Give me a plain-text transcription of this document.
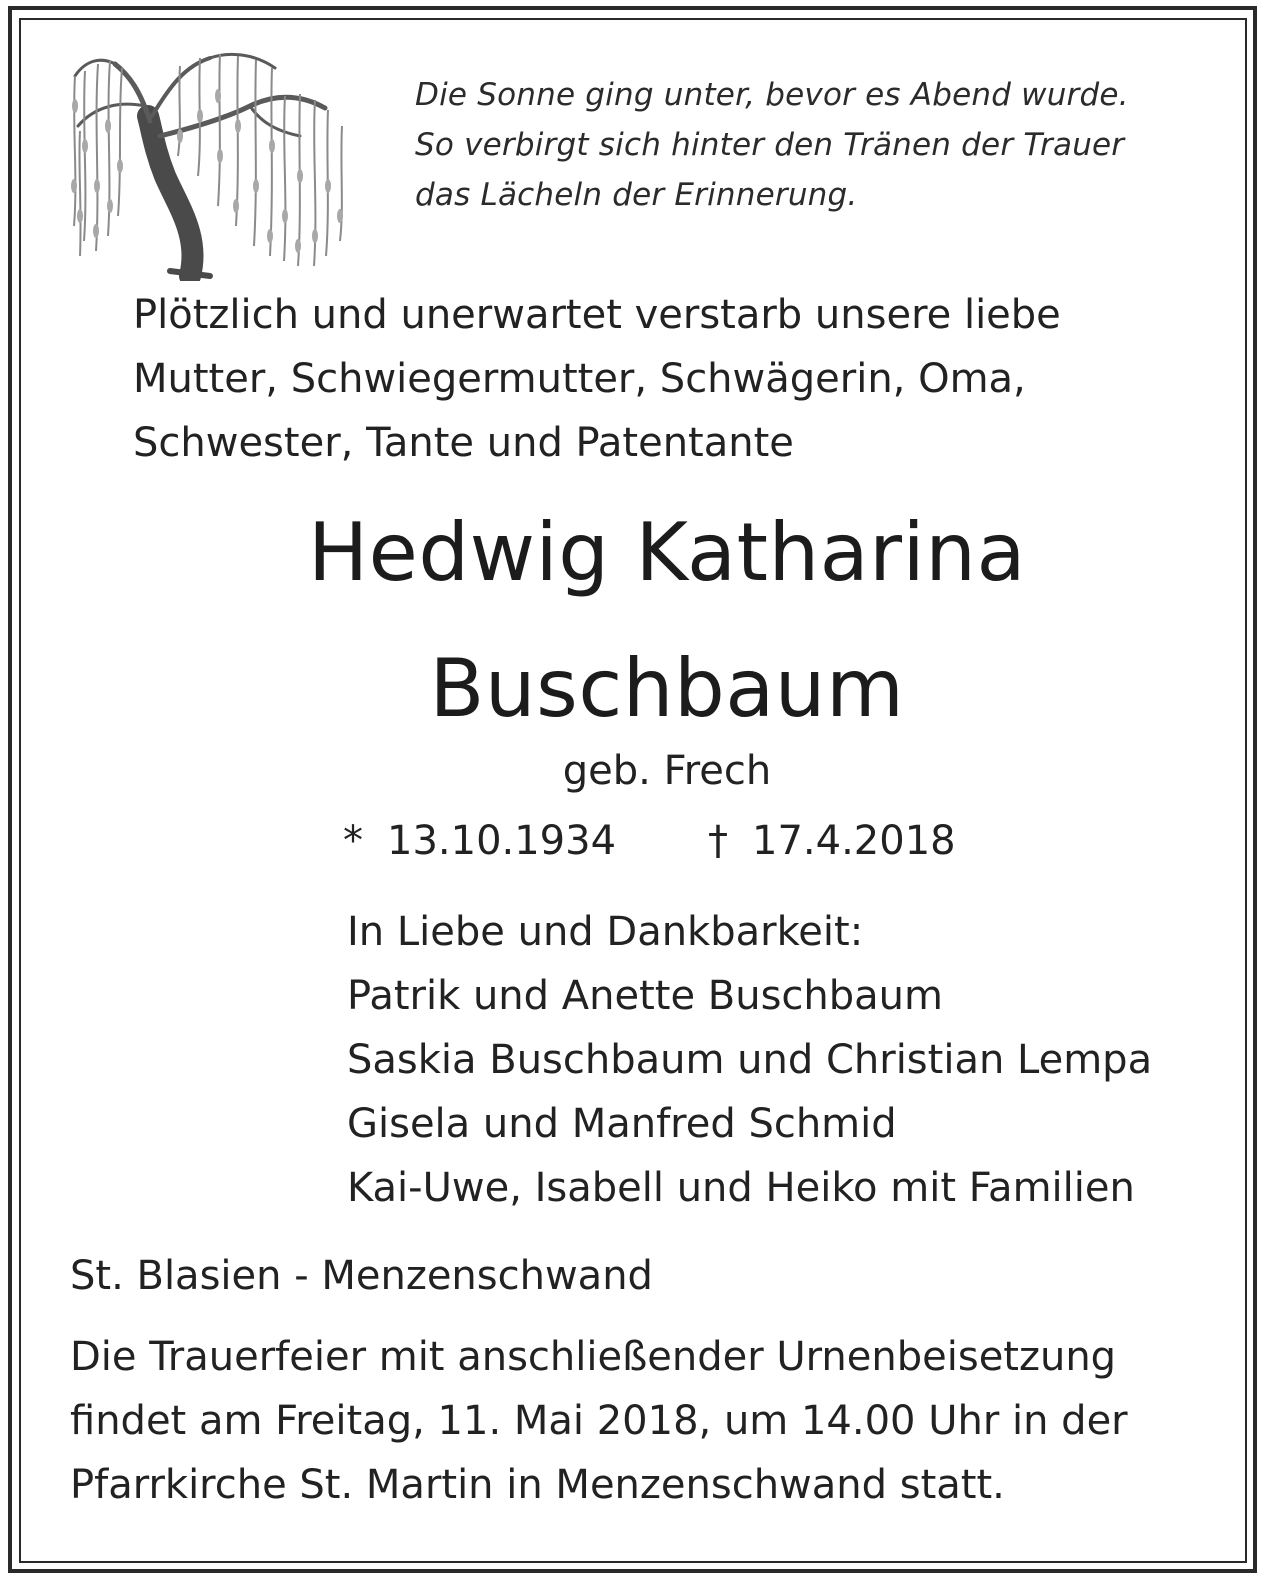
Die Sonne ging unter, bevor es Abend wurde.
So verbirgt sich hinter den Tränen der Trauer
das Lächeln der Erinnerung.
Plötzlich und unerwartet verstarb unsere liebe
Mutter, Schwiegermutter, Schwägerin, Oma,
Schwester, Tante und Patentante
Hedwig Katharina
Buschbaum
geb. Frech
* 13.10.1934 † 17.4.2018
In Liebe und Dankbarkeit:
Patrik und Anette Buschbaum
Saskia Buschbaum und Christian Lempa
Gisela und Manfred Schmid
Kai-Uwe, Isabell und Heiko mit Familien
St. Blasien - Menzenschwand
Die Trauerfeier mit anschließender Urnenbeisetzung
findet am Freitag, 11. Mai 2018, um 14.00 Uhr in der
Pfarrkirche St. Martin in Menzenschwand statt.
